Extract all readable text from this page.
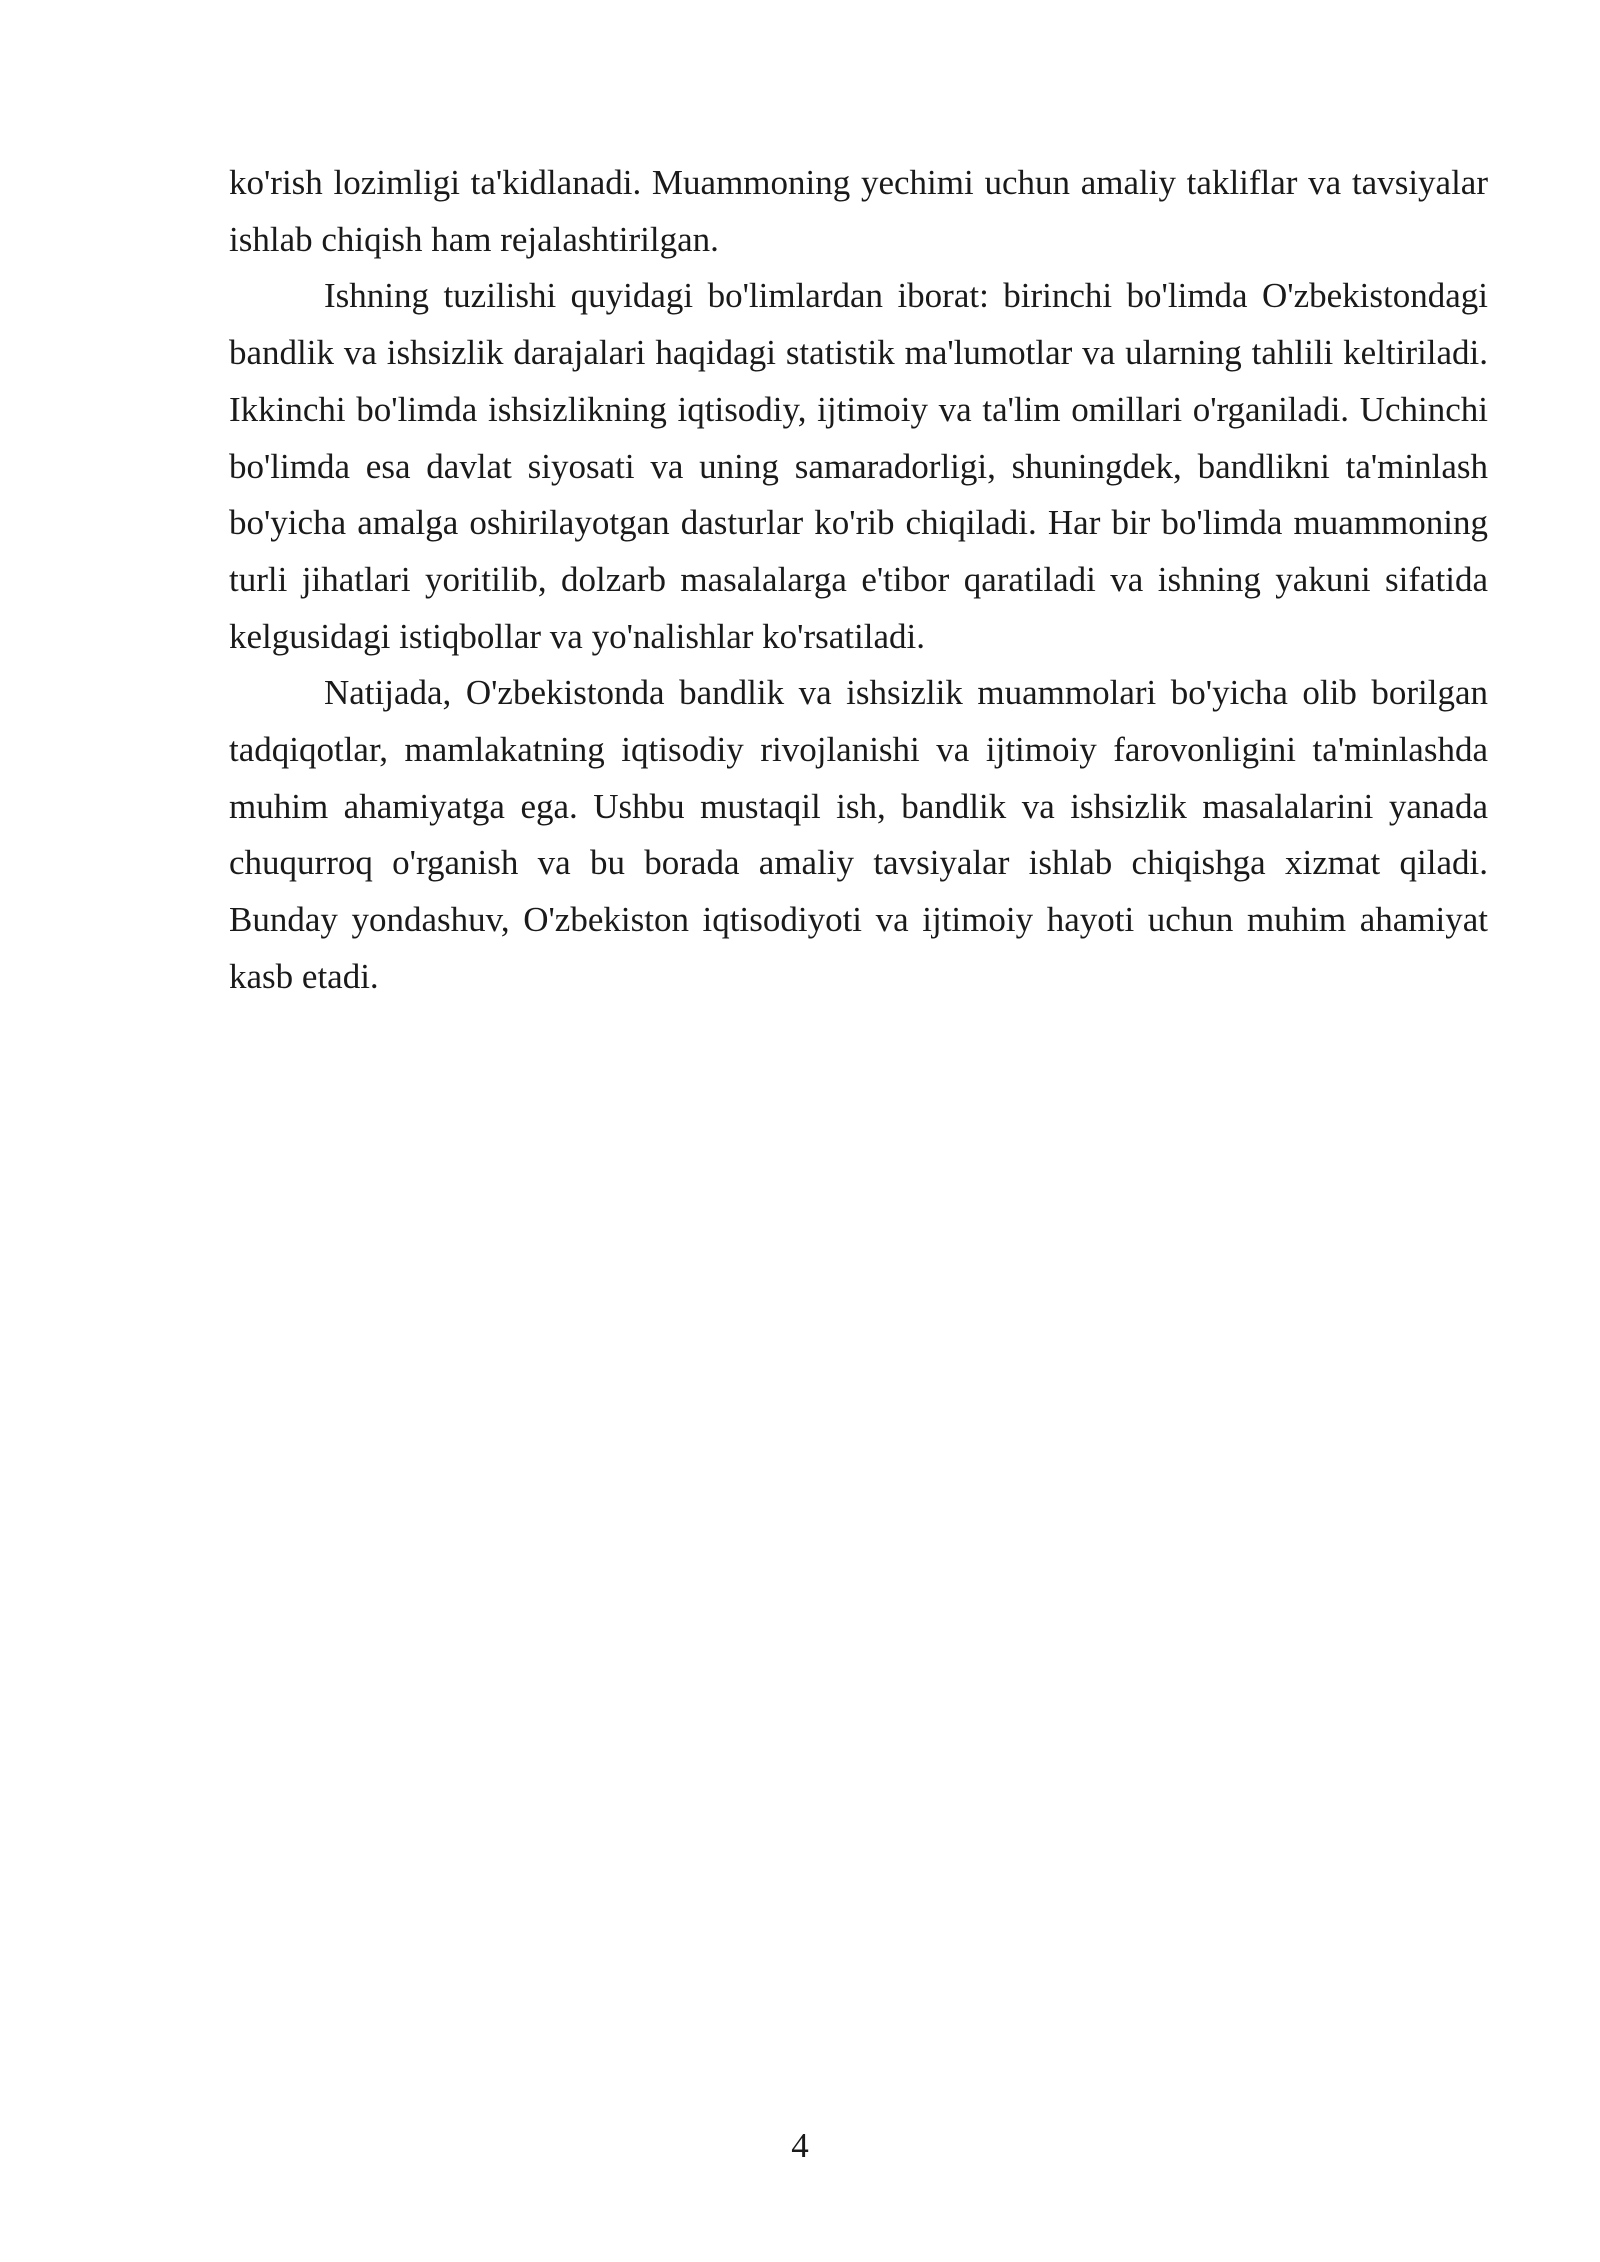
ko'rish lozimligi ta'kidlanadi. Muammoning yechimi uchun amaliy takliflar va tavsiyalar ishlab chiqish ham rejalashtirilgan.

Ishning tuzilishi quyidagi bo'limlardan iborat: birinchi bo'limda O'zbekistondagi bandlik va ishsizlik darajalari haqidagi statistik ma'lumotlar va ularning tahlili keltiriladi. Ikkinchi bo'limda ishsizlikning iqtisodiy, ijtimoiy va ta'lim omillari o'rganiladi. Uchinchi bo'limda esa davlat siyosati va uning samaradorligi, shuningdek, bandlikni ta'minlash bo'yicha amalga oshirilayotgan dasturlar ko'rib chiqiladi. Har bir bo'limda muammoning turli jihatlari yoritilib, dolzarb masalalarga e'tibor qaratiladi va ishning yakuni sifatida kelgusidagi istiqbollar va yo'nalishlar ko'rsatiladi.

Natijada, O'zbekistonda bandlik va ishsizlik muammolari bo'yicha olib borilgan tadqiqotlar, mamlakatning iqtisodiy rivojlanishi va ijtimoiy farovonligini ta'minlashda muhim ahamiyatga ega. Ushbu mustaqil ish, bandlik va ishsizlik masalalarini yanada chuqurroq o'rganish va bu borada amaliy tavsiyalar ishlab chiqishga xizmat qiladi. Bunday yondashuv, O'zbekiston iqtisodiyoti va ijtimoiy hayoti uchun muhim ahamiyat kasb etadi.

4
